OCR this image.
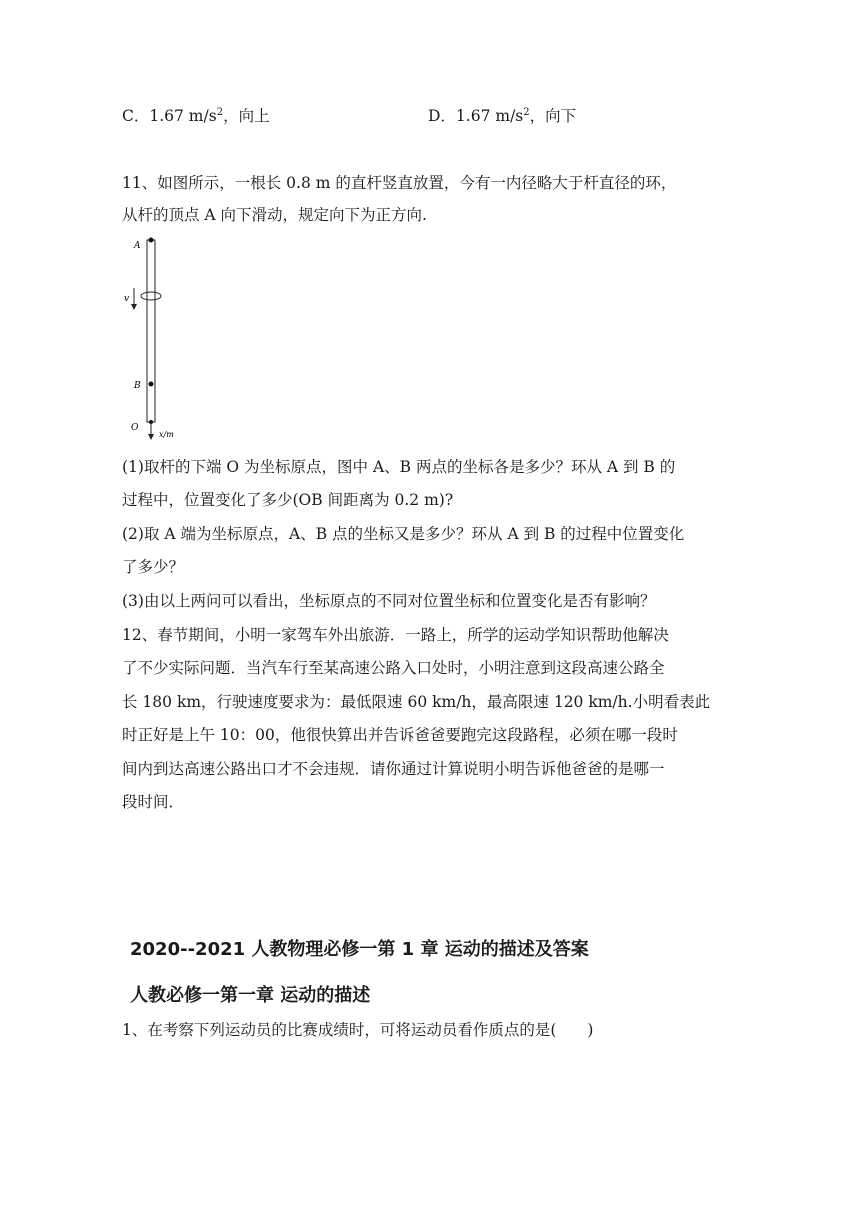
C．1.67 $m/s^2$，向上	D．1.67 $m/s^2$，向下
11、如图所示，一根长 0.8 m 的直杆竖直放置，今有一内径略大于杆直径的环，
从杆的顶点 A 向下滑动，规定向下为正方向.
A
v
B
O
x/m
(1)取杆的下端 O 为坐标原点，图中 A、B 两点的坐标各是多少？环从 A 到 B 的
过程中，位置变化了多少(OB 间距离为 0.2 m)?
(2)取 A 端为坐标原点，A、B 点的坐标又是多少？环从 A 到 B 的过程中位置变化
了多少？
(3)由以上两问可以看出，坐标原点的不同对位置坐标和位置变化是否有影响？
12、春节期间，小明一家驾车外出旅游．一路上，所学的运动学知识帮助他解决
了不少实际问题．当汽车行至某高速公路入口处时，小明注意到这段高速公路全
长 180 km，行驶速度要求为：最低限速 60 km/h，最高限速 120 km/h.小明看表此
时正好是上午 10：00，他很快算出并告诉爸爸要跑完这段路程，必须在哪一段时
间内到达高速公路出口才不会违规．请你通过计算说明小明告诉他爸爸的是哪一
段时间．
2020--2021 人教物理必修一第 1 章 运动的描述及答案
人教必修一第一章 运动的描述
1、在考察下列运动员的比赛成绩时，可将运动员看作质点的是(　　)
